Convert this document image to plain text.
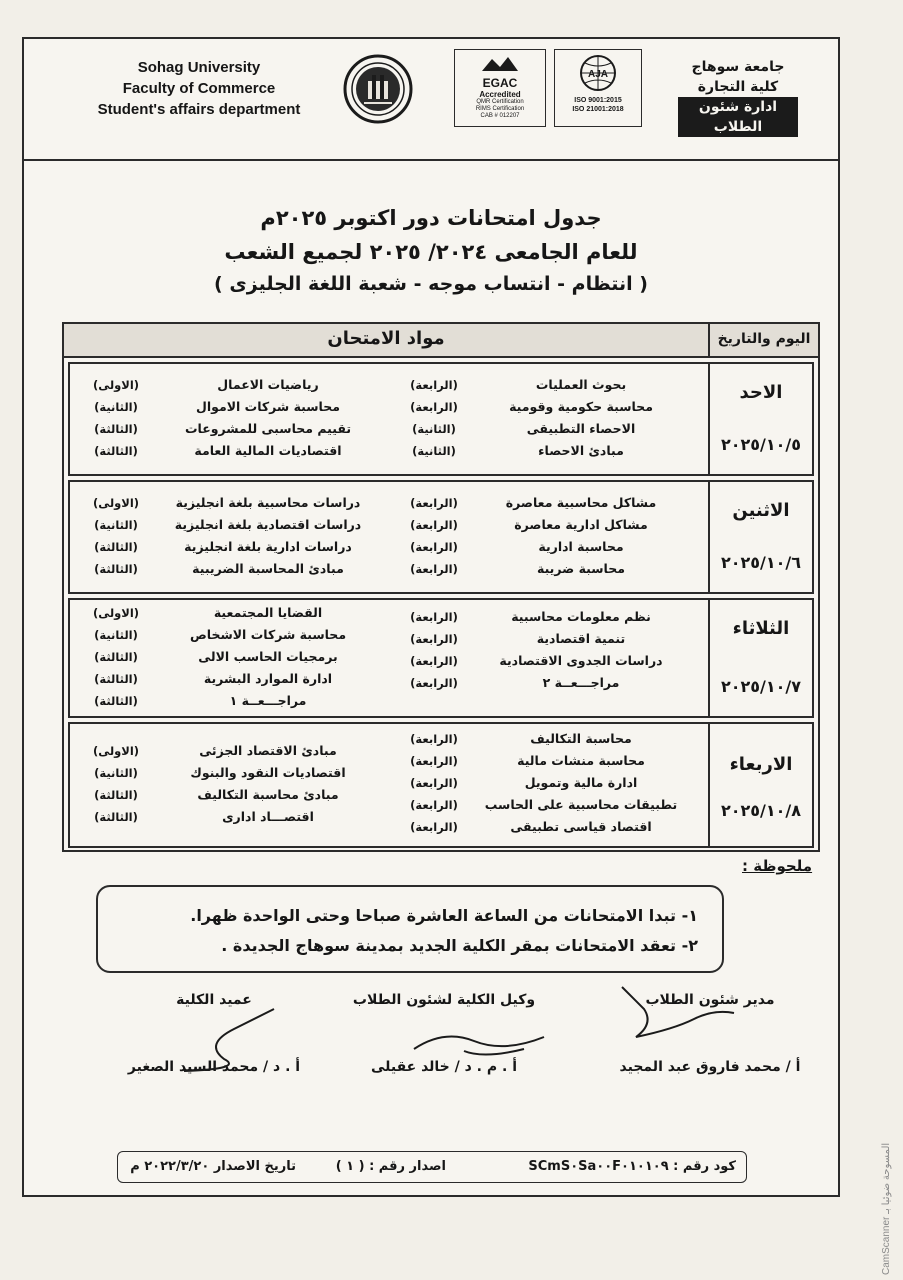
Sohag University
Faculty of Commerce
Student's affairs department
EGAC
Accredited
QMR Certification
RIMS Certification
CAB # 012207
AJA
ISO 9001:2015
ISO 21001:2018
جامعة سوهاج
كلية التجارة
ادارة شئون الطلاب
جدول امتحانات دور اكتوبر ٢٠٢٥م
للعام الجامعى ٢٠٢٤/ ٢٠٢٥ لجميع الشعب
( انتظام - انتساب موجه - شعبة اللغة الجليزى )
اليوم والتاريخ
مواد الامتحان
الاحد
٢٠٢٥/١٠/٥
بحوث العمليات
(الرابعة)
محاسبة حكومية وقومية
(الرابعة)
الاحصاء التطبيقى
(الثانية)
مبادئ الاحصاء
(الثانية)
رياضيات الاعمال
(الاولى)
محاسبة شركات الاموال
(الثانية)
تقييم محاسبى للمشروعات
(الثالثة)
اقتصاديات المالية العامة
(الثالثة)
الاثنين
٢٠٢٥/١٠/٦
مشاكل محاسبية معاصرة
(الرابعة)
مشاكل ادارية معاصرة
(الرابعة)
محاسبة ادارية
(الرابعة)
محاسبة ضريبة
(الرابعة)
دراسات محاسبية بلغة انجليزية
(الاولى)
دراسات اقتصادية بلغة انجليزية
(الثانية)
دراسات ادارية بلغة انجليزية
(الثالثة)
مبادئ المحاسبة الضريبية
(الثالثة)
الثلاثاء
٢٠٢٥/١٠/٧
نظم معلومات محاسبية
(الرابعة)
تنمية اقتصادية
(الرابعة)
دراسات الجدوى الاقتصادية
(الرابعة)
مراجـــعــة ٢
(الرابعة)
القضايا المجتمعية
(الاولى)
محاسبة شركات الاشخاص
(الثانية)
برمجيات الحاسب الالى
(الثالثة)
ادارة الموارد البشرية
(الثالثة)
مراجـــعــة ١
(الثالثة)
الاربعاء
٢٠٢٥/١٠/٨
محاسبة التكاليف
(الرابعة)
محاسبة منشات مالية
(الرابعة)
ادارة مالية وتمويل
(الرابعة)
تطبيقات محاسبية على الحاسب
(الرابعة)
اقتصاد قياسى تطبيقى
(الرابعة)
مبادئ الاقتصاد الجزئى
(الاولى)
اقتصاديات النقود والبنوك
(الثانية)
مبادئ محاسبة التكاليف
(الثالثة)
اقتصـــاد ادارى
(الثالثة)
ملحوظة :
١- تبدا الامتحانات من الساعة العاشرة صباحا وحتى الواحدة ظهرا.
٢- تعقد الامتحانات بمقر الكلية الجديد بمدينة سوهاج الجديدة .
مدير شئون الطلاب
أ / محمد فاروق عبد المجيد
وكيل الكلية لشئون الطلاب
أ . م . د / خالد عقيلى
عميد الكلية
أ . د / محمد السيد الصغير
كود رقم : SCmS٠Sa٠٠F٠١٠١٠٩
اصدار رقم : ( ١ )
تاريخ الاصدار ٢٠٢٢/٣/٢٠ م
CamScanner المسوحة ضوئيا بـ
